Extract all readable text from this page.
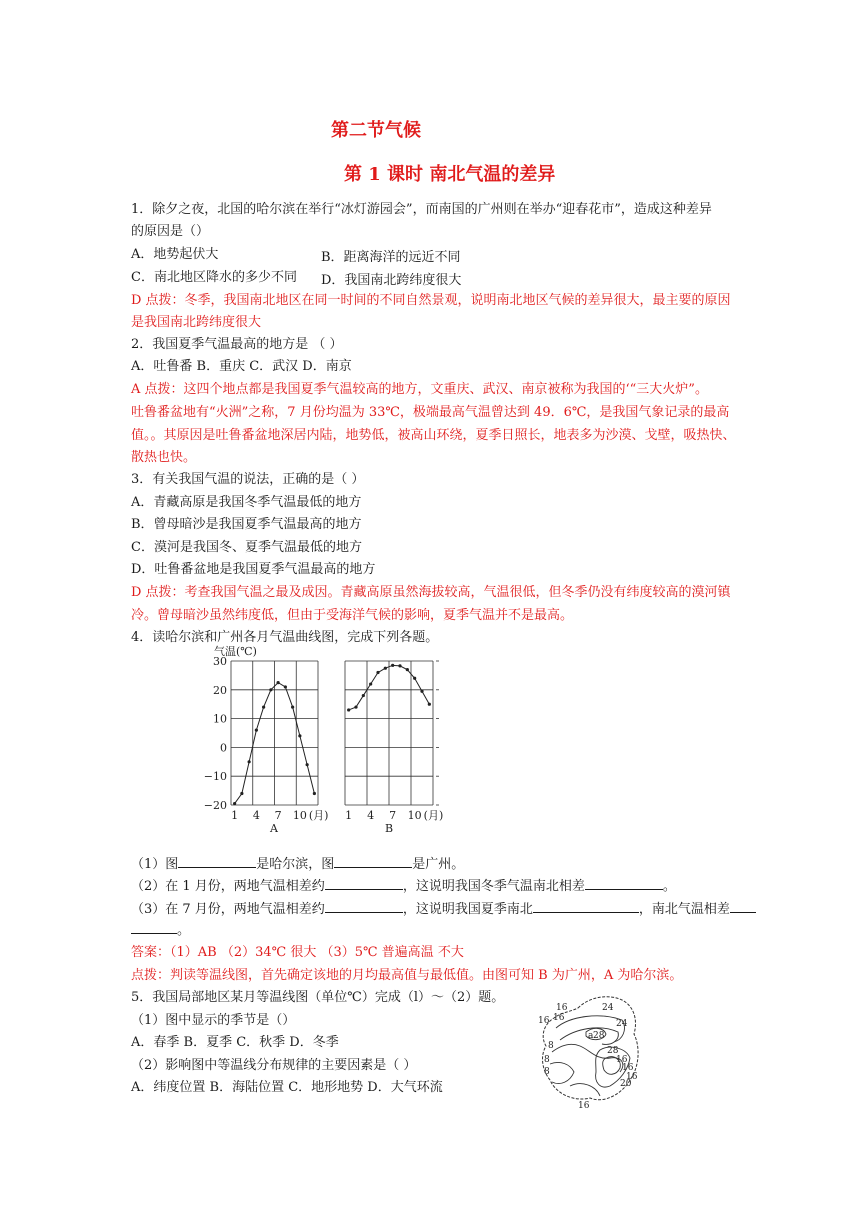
第二节气候
第 1 课时 南北气温的差异
1．除夕之夜，北国的哈尔滨在举行“冰灯游园会”，而南国的广州则在举办“迎春花市”，造成这种差异
的原因是（）
A．地势起伏大	B．距离海洋的远近不同
C．南北地区降水的多少不同 D．我国南北跨纬度很大
D 点拨：冬季，我国南北地区在同一时间的不同自然景观，说明南北地区气候的差异很大，最主要的原因
是我国南北跨纬度很大
2．我国夏季气温最高的地方是 （ ）
A．吐鲁番 B．重庆 C．武汉 D．南京
A 点拨：这四个地点都是我国夏季气温较高的地方，文重庆、武汉、南京被称为我国的‘“三大火炉”。
吐鲁番盆地有“火洲”之称，7 月份均温为 33℃，极端最高气温曾达到 49．6℃，是我国气象记录的最高
值。。其原因是吐鲁番盆地深居内陆，地势低，被高山环绕，夏季日照长，地表多为沙漠、戈壁，吸热快、
散热也快。
3．有关我国气温的说法，正确的是（ ）
A．青藏高原是我国冬季气温最低的地方
B．曾母暗沙是我国夏季气温最高的地方
C．漠河是我国冬、夏季气温最低的地方
D．吐鲁番盆地是我国夏季气温最高的地方
D 点拨：考查我国气温之最及成因。青藏高原虽然海拔较高，气温很低，但冬季仍没有纬度较高的漠河镇
冷。曾母暗沙虽然纬度低，但由于受海洋气候的影响，夏季气温并不是最高。
4．读哈尔滨和广州各月气温曲线图，完成下列各题。
30
20
10
0
−10
−20
气温(℃)
1 4 7 10 (月)
A
1 4 7 10 (月)
B
（1）图	是哈尔滨，图	是广州。
（2）在 1 月份，两地气温相差约	，这说明我国冬季气温南北相差	。
（3）在 7 月份，两地气温相差约	，这说明我国夏季南北	，南北气温相差
。
答案：（1）AB （2）34℃ 很大 （3）5℃ 普遍高温 不大
点拨：判读等温线图，首先确定该地的月均最高值与最低值。由图可知 B 为广州，A 为哈尔滨。
5．我国局部地区某月等温线图（单位℃）完成（l）～（2）题。
（1）图中显示的季节是（）
A．春季 B．夏季 C．秋季 D．冬季
（2）影响图中等温线分布规律的主要因素是（ ）
A．纬度位置 B．海陆位置 C．地形地势 D．大气环流
16	24
16 16
24
a 28
8	28
16
8
16
16
8
20
16
